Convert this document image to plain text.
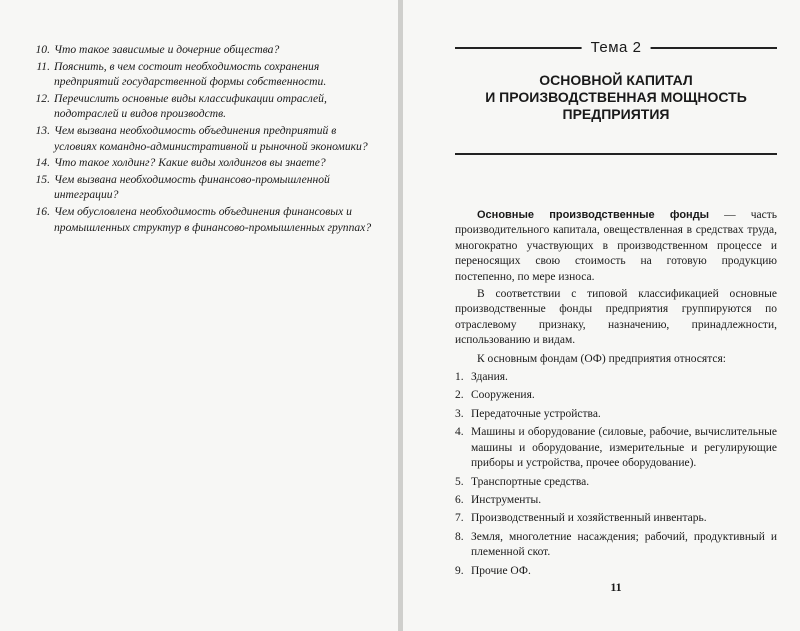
10. Что такое зависимые и дочерние общества?
11. Пояснить, в чем состоит необходимость сохранения предприятий государственной формы собственности.
12. Перечислить основные виды классификации отраслей, подотраслей и видов производств.
13. Чем вызвана необходимость объединения предприятий в условиях командно-административной и рыночной экономики?
14. Что такое холдинг? Какие виды холдингов вы знаете?
15. Чем вызвана необходимость финансово-промышленной интеграции?
16. Чем обусловлена необходимость объединения финансовых и промышленных структур в финансово-промышленных группах?
Тема 2
ОСНОВНОЙ КАПИТАЛ
И ПРОИЗВОДСТВЕННАЯ МОЩНОСТЬ
ПРЕДПРИЯТИЯ

Основные производственные фонды — часть производительного капитала, овеществленная в средствах труда, многократно участвующих в производственном процессе и переносящих свою стоимость на готовую продукцию постепенно, по мере износа.

В соответствии с типовой классификацией основные производственные фонды предприятия группируются по отраслевому признаку, назначению, принадлежности, использованию и видам.

К основным фондам (ОФ) предприятия относятся:

1. Здания.
2. Сооружения.
3. Передаточные устройства.
4. Машины и оборудование (силовые, рабочие, вычислительные машины и оборудование, измерительные и регулирующие приборы и устройства, прочее оборудование).
5. Транспортные средства.
6. Инструменты.
7. Производственный и хозяйственный инвентарь.
8. Земля, многолетние насаждения; рабочий, продуктивный и племенной скот.
9. Прочие ОФ.
11
